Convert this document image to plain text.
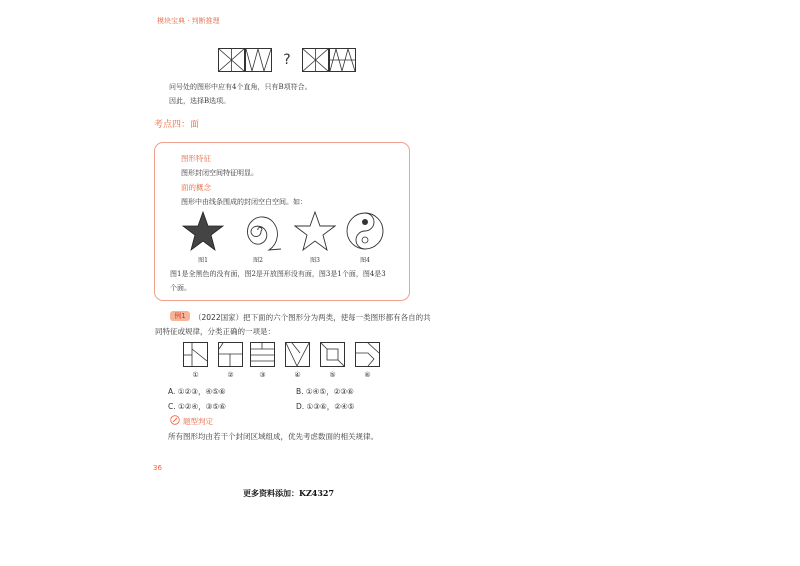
模块宝典 · 判断推理
?
问号处的图形中应有4个直角，只有B项符合。
因此，选择B选项。
考点四：面
图形特征
图形封闭空间特征明显。
面的概念
图形中由线条围成的封闭空白空间。如：
图1	图2	图3	图4
图1是全黑色的没有面，图2是开放图形没有面，图3是1个面，图4是3
个面。
例1	（2022国家）把下面的六个图形分为两类，使每一类图形都有各自的共
同特征或规律，分类正确的一项是：
①	②	③	④	⑤	⑥
A. ①②③，④⑤⑥	B. ①④⑤，②③⑥
C. ①②④，③⑤⑥	D. ①③⑥，②④⑤
题型判定
所有图形均由若干个封闭区域组成，优先考虑数面的相关规律。
36
更多资料添加：KZ4327
